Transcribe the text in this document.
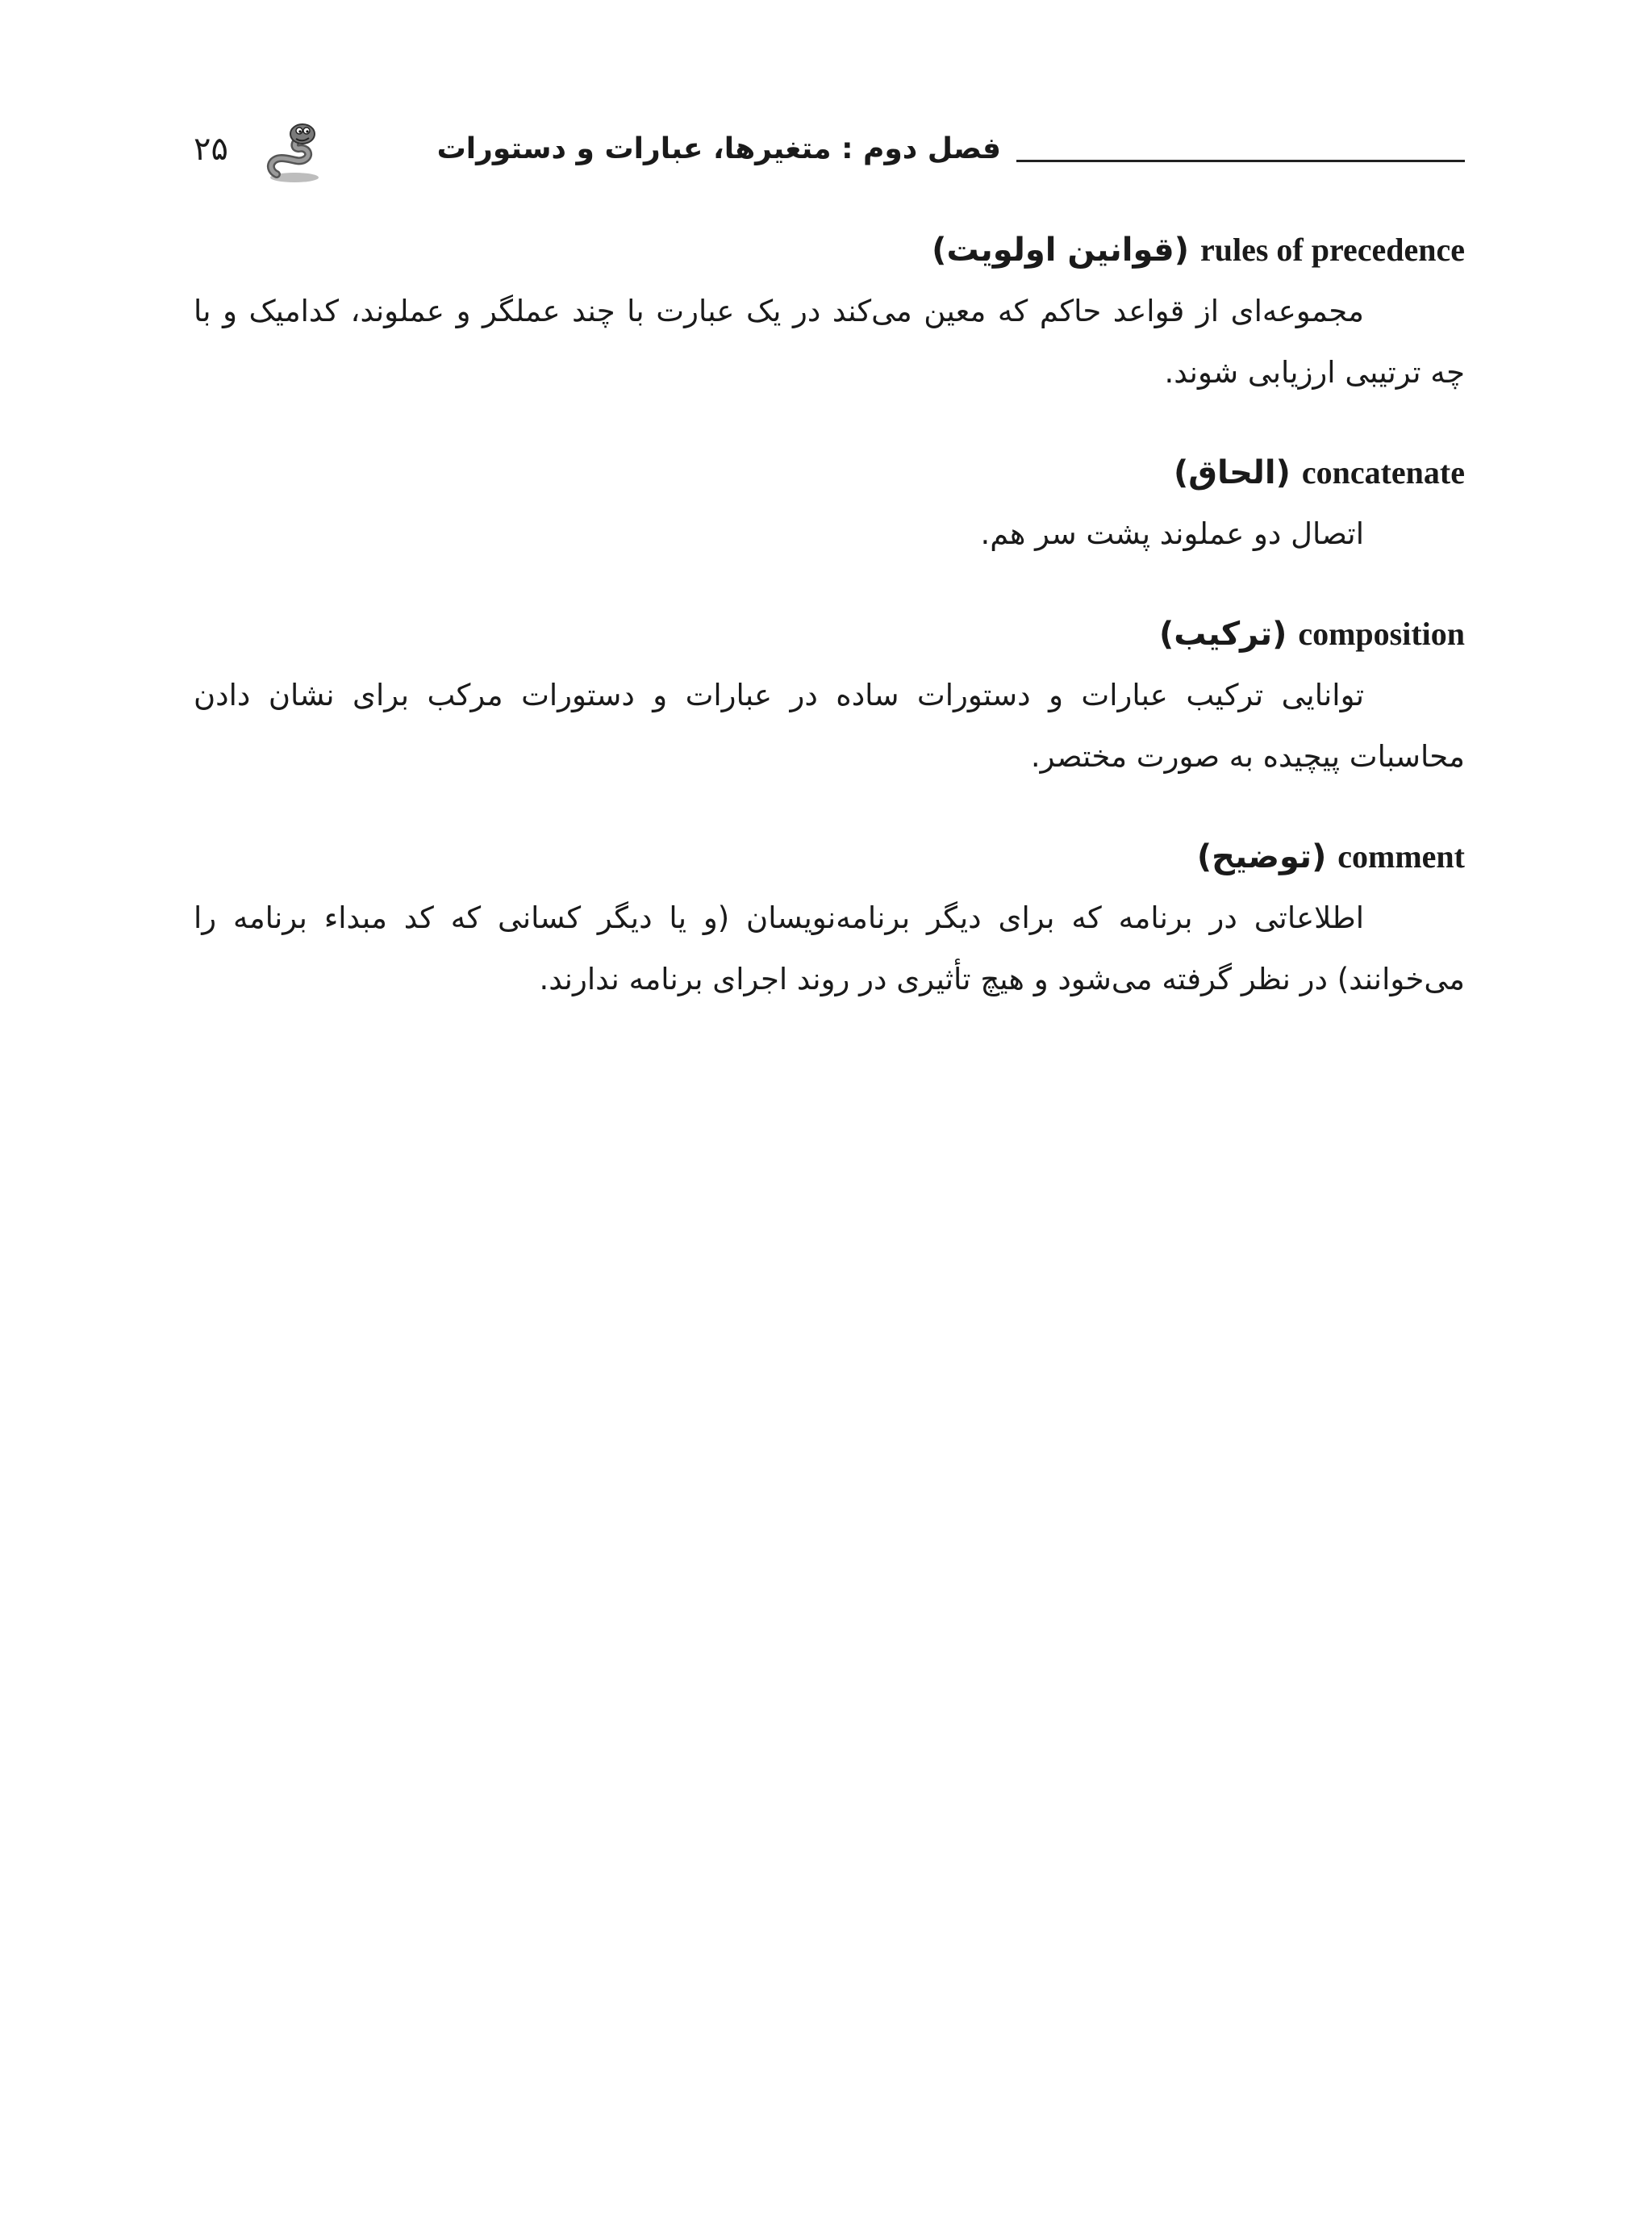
۲۵	فصل دوم : متغیرها، عبارات و دستورات
rules of precedence (قوانین اولویت)

مجموعه‌ای از قواعد حاکم که معین می‌کند در یک عبارت با چند عملگر و عملوند، کدامیک و با چه ترتیبی ارزیابی شوند.

concatenate (الحاق)

اتصال دو عملوند پشت سر هم.

composition (ترکیب)

توانایی ترکیب عبارات و دستورات ساده در عبارات و دستورات مرکب برای نشان دادن محاسبات پیچیده به صورت مختصر.

comment (توضیح)

اطلاعاتی در برنامه که برای دیگر برنامه‌نویسان (و یا دیگر کسانی که کد مبداء برنامه را می‌خوانند) در نظر گرفته می‌شود و هیچ تأثیری در روند اجرای برنامه ندارند.
